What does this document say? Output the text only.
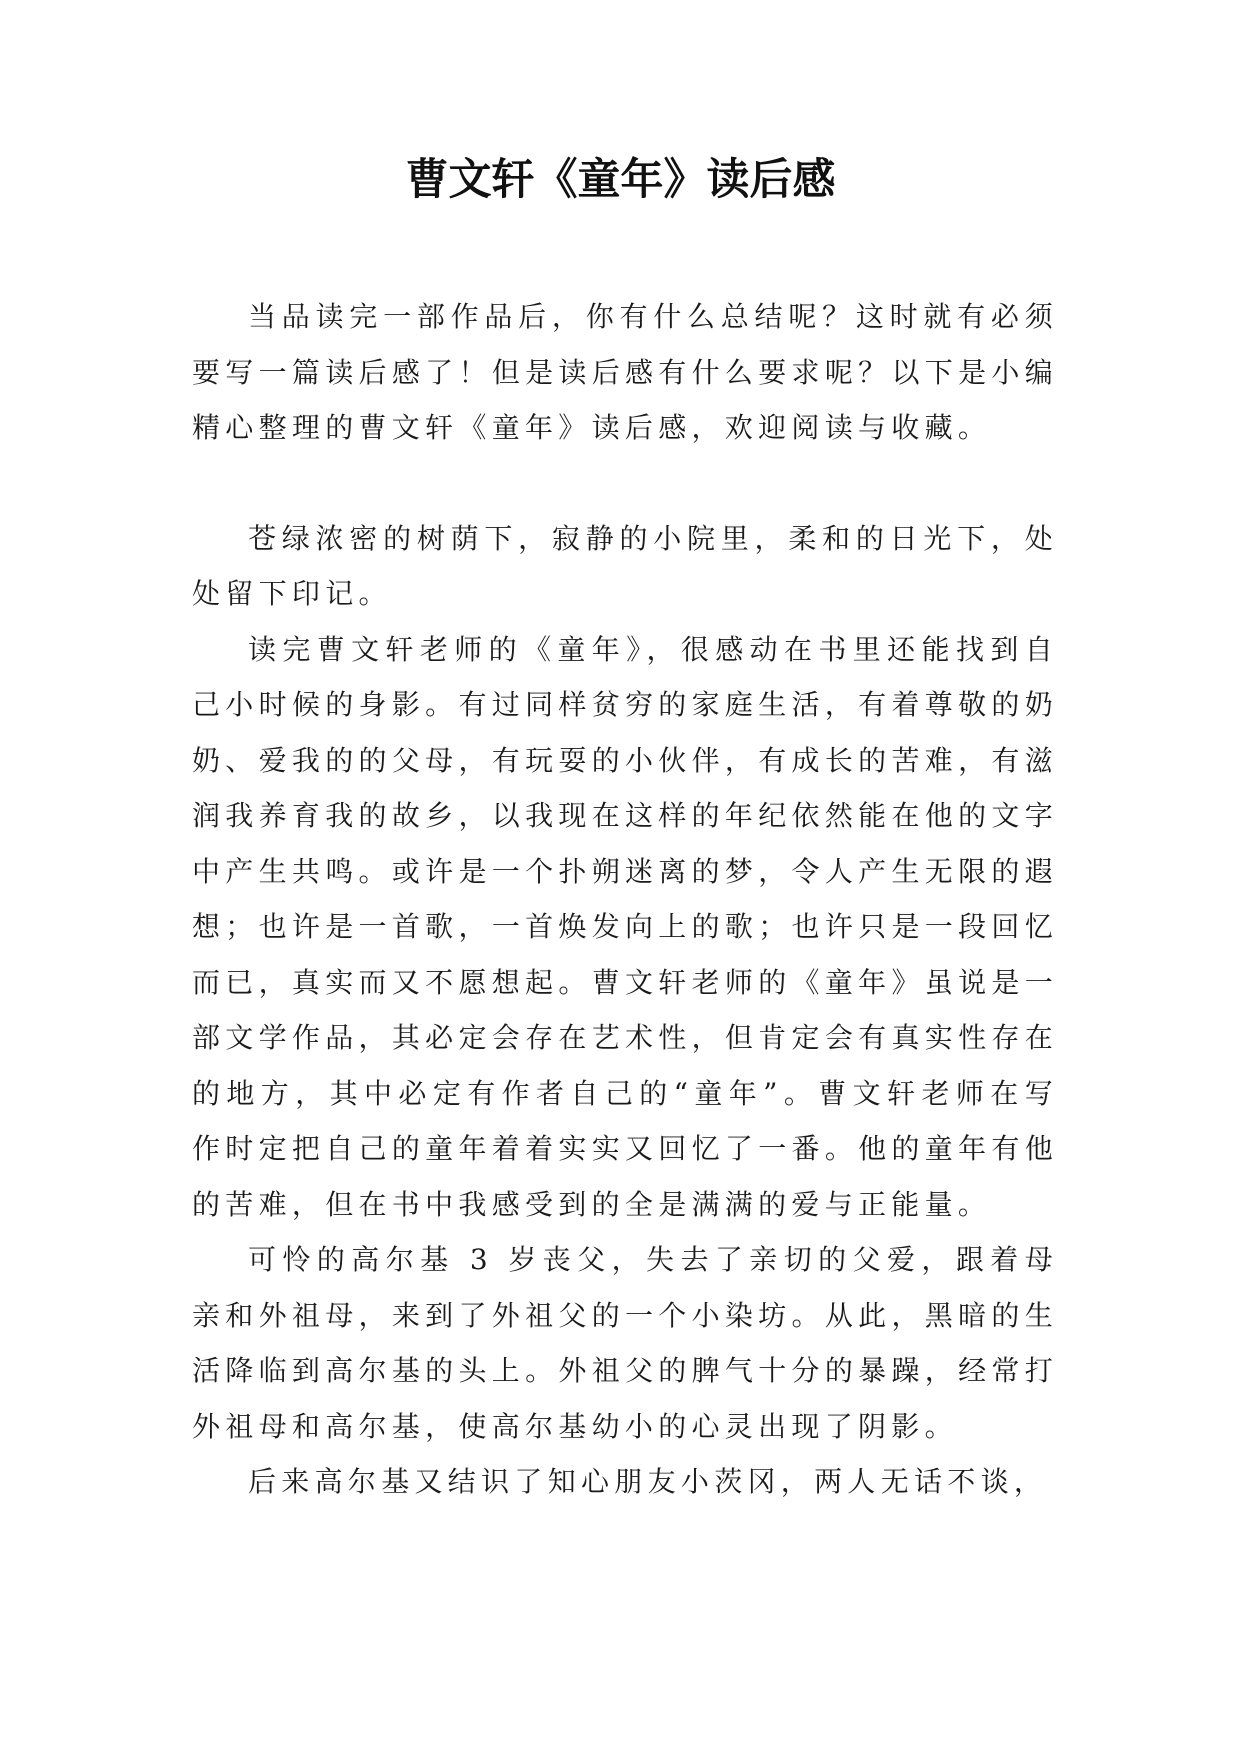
曹文轩《童年》读后感

当品读完一部作品后，你有什么总结呢？这时就有必须要写一篇读后感了！但是读后感有什么要求呢？以下是小编精心整理的曹文轩《童年》读后感，欢迎阅读与收藏。

苍绿浓密的树荫下，寂静的小院里，柔和的日光下，处处留下印记。

读完曹文轩老师的《童年》，很感动在书里还能找到自己小时候的身影。有过同样贫穷的家庭生活，有着尊敬的奶奶、爱我的的父母，有玩耍的小伙伴，有成长的苦难，有滋润我养育我的故乡，以我现在这样的年纪依然能在他的文字中产生共鸣。或许是一个扑朔迷离的梦，令人产生无限的遐想；也许是一首歌，一首焕发向上的歌；也许只是一段回忆而已，真实而又不愿想起。曹文轩老师的《童年》虽说是一部文学作品，其必定会存在艺术性，但肯定会有真实性存在的地方，其中必定有作者自己的“童年”。曹文轩老师在写作时定把自己的童年着着实实又回忆了一番。他的童年有他的苦难，但在书中我感受到的全是满满的爱与正能量。

可怜的高尔基 3 岁丧父，失去了亲切的父爱，跟着母亲和外祖母，来到了外祖父的一个小染坊。从此，黑暗的生活降临到高尔基的头上。外祖父的脾气十分的暴躁，经常打外祖母和高尔基，使高尔基幼小的心灵出现了阴影。

后来高尔基又结识了知心朋友小茨冈，两人无话不谈，
